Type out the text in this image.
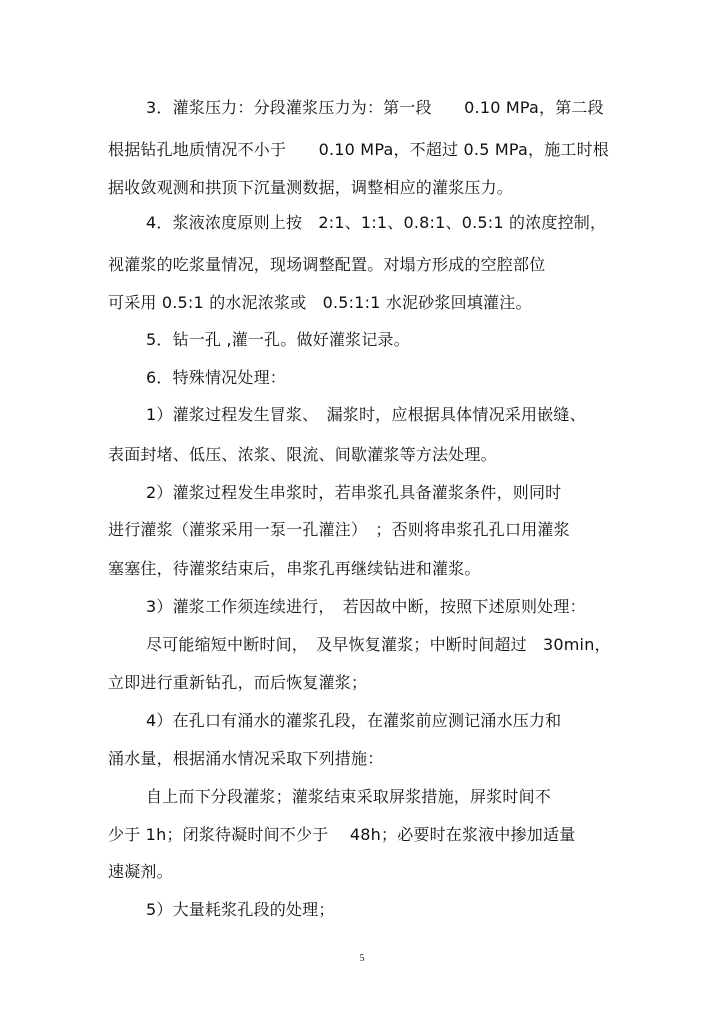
3．灌浆压力：分段灌浆压力为：第一段　　0.10 MPa，第二段
根据钻孔地质情况不小于　　0.10 MPa，不超过 0.5 MPa，施工时根
据收敛观测和拱顶下沉量测数据，调整相应的灌浆压力。
4．浆液浓度原则上按　2:1、1:1、0.8:1、0.5:1 的浓度控制，
视灌浆的吃浆量情况，现场调整配置。对塌方形成的空腔部位
可采用 0.5:1 的水泥浓浆或　0.5:1:1 水泥砂浆回填灌注。
5．钻一孔 ,灌一孔。做好灌浆记录。
6．特殊情况处理：
1）灌浆过程发生冒浆、　漏浆时，应根据具体情况采用嵌缝、
表面封堵、低压、浓浆、限流、间歇灌浆等方法处理。
2）灌浆过程发生串浆时，若串浆孔具备灌浆条件，则同时
进行灌浆（灌浆采用一泵一孔灌注）　；否则将串浆孔孔口用灌浆
塞塞住，待灌浆结束后，串浆孔再继续钻进和灌浆。
3）灌浆工作须连续进行，　若因故中断，按照下述原则处理：
尽可能缩短中断时间，　及早恢复灌浆；中断时间超过　30min，
立即进行重新钻孔，而后恢复灌浆；
4）在孔口有涌水的灌浆孔段，在灌浆前应测记涌水压力和
涌水量，根据涌水情况采取下列措施：
自上而下分段灌浆；灌浆结束采取屏浆措施，屏浆时间不
少于 1h；闭浆待凝时间不少于　 48h；必要时在浆液中掺加适量
速凝剂。
5）大量耗浆孔段的处理；
5
